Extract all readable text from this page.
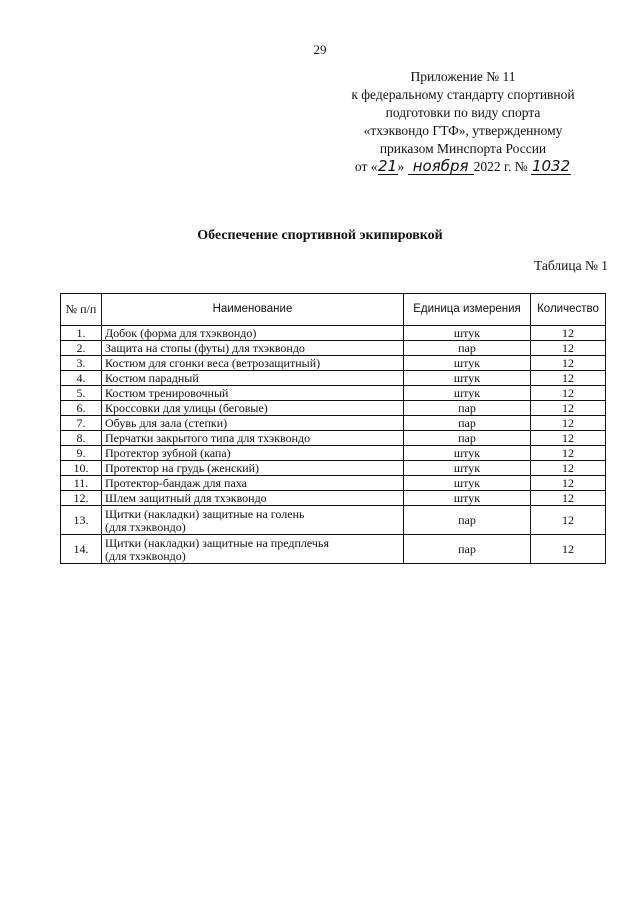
29
Приложение № 11
к федеральному стандарту спортивной
подготовки по виду спорта
«тхэквондо ГТФ», утвержденному
приказом Минспорта России
от «21» ноября 2022 г. № 1032
Обеспечение спортивной экипировкой
Таблица № 1
№ п/п	Наименование	Единица измерения	Количество
1.	Добок (форма для тхэквондо)	штук	12
2.	Защита на стопы (футы) для тхэквондо	пар	12
3.	Костюм для сгонки веса (ветрозащитный)	штук	12
4.	Костюм парадный	штук	12
5.	Костюм тренировочный	штук	12
6.	Кроссовки для улицы (беговые)	пар	12
7.	Обувь для зала (степки)	пар	12
8.	Перчатки закрытого типа для тхэквондо	пар	12
9.	Протектор зубной (капа)	штук	12
10.	Протектор на грудь (женский)	штук	12
11.	Протектор-бандаж для паха	штук	12
12.	Шлем защитный для тхэквондо	штук	12
13.	Щитки (накладки) защитные на голень
(для тхэквондо)	пар	12
14.	Щитки (накладки) защитные на предплечья
(для тхэквондо)	пар	12
